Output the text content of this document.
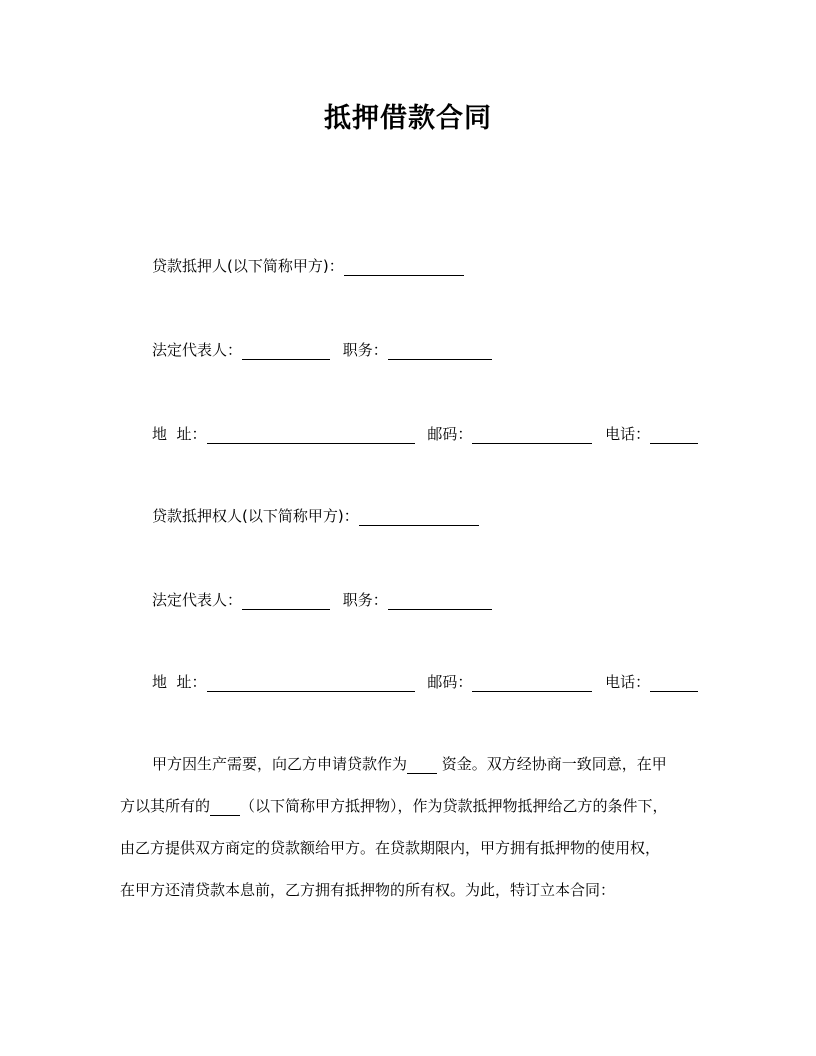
抵押借款合同
贷款抵押人(以下简称甲方)：
法定代表人：	职务：
地  址：	邮码：	电话：
贷款抵押权人(以下简称甲方)：
法定代表人：	职务：
地  址：	邮码：	电话：
甲方因生产需要，向乙方申请贷款作为 资金。双方经协商一致同意，在甲
方以其所有的 （以下简称甲方抵押物），作为贷款抵押物抵押给乙方的条件下，
由乙方提供双方商定的贷款额给甲方。在贷款期限内，甲方拥有抵押物的使用权，
在甲方还清贷款本息前，乙方拥有抵押物的所有权。为此，特订立本合同：
